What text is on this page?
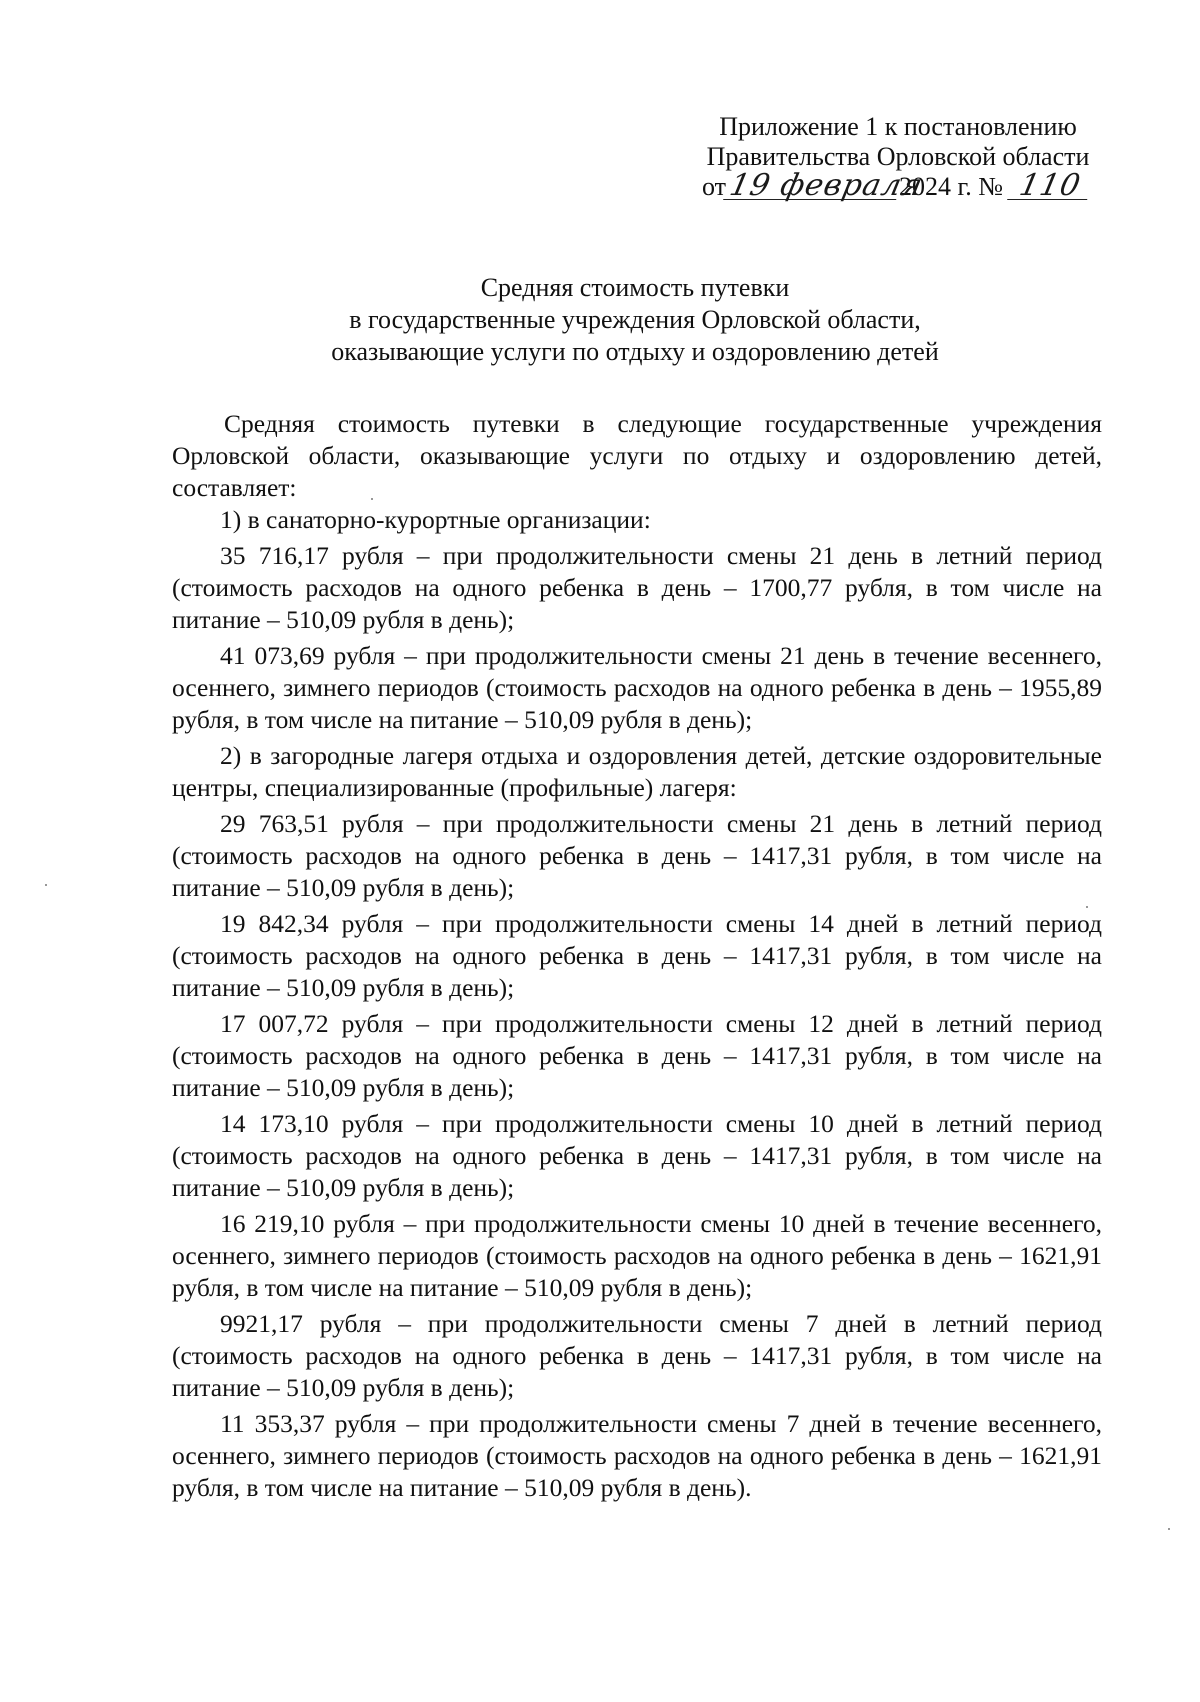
Приложение 1 к постановлению
Правительства Орловской области
от19 февраля2024 г. № 110
Средняя стоимость путевки
в государственные учреждения Орловской области,
оказывающие услуги по отдыху и оздоровлению детей

Средняя стоимость путевки в следующие государственные учреждения Орловской области, оказывающие услуги по отдыху и оздоровлению детей, составляет:

1) в санаторно-курортные организации:

35 716,17 рубля – при продолжительности смены 21 день в летний период (стоимость расходов на одного ребенка в день – 1700,77 рубля, в том числе на питание – 510,09 рубля в день);

41 073,69 рубля – при продолжительности смены 21 день в течение весеннего, осеннего, зимнего периодов (стоимость расходов на одного ребенка в день – 1955,89 рубля, в том числе на питание – 510,09 рубля в день);

2) в загородные лагеря отдыха и оздоровления детей, детские оздоровительные центры, специализированные (профильные) лагеря:

29 763,51 рубля – при продолжительности смены 21 день в летний период (стоимость расходов на одного ребенка в день – 1417,31 рубля, в том числе на питание – 510,09 рубля в день);

19 842,34 рубля – при продолжительности смены 14 дней в летний период (стоимость расходов на одного ребенка в день – 1417,31 рубля, в том числе на питание – 510,09 рубля в день);

17 007,72 рубля – при продолжительности смены 12 дней в летний период (стоимость расходов на одного ребенка в день – 1417,31 рубля, в том числе на питание – 510,09 рубля в день);

14 173,10 рубля – при продолжительности смены 10 дней в летний период (стоимость расходов на одного ребенка в день – 1417,31 рубля, в том числе на питание – 510,09 рубля в день);

16 219,10 рубля – при продолжительности смены 10 дней в течение весеннего, осеннего, зимнего периодов (стоимость расходов на одного ребенка в день – 1621,91 рубля, в том числе на питание – 510,09 рубля в день);

9921,17 рубля – при продолжительности смены 7 дней в летний период (стоимость расходов на одного ребенка в день – 1417,31 рубля, в том числе на питание – 510,09 рубля в день);

11 353,37 рубля – при продолжительности смены 7 дней в течение весеннего, осеннего, зимнего периодов (стоимость расходов на одного ребенка в день – 1621,91 рубля, в том числе на питание – 510,09 рубля в день).
